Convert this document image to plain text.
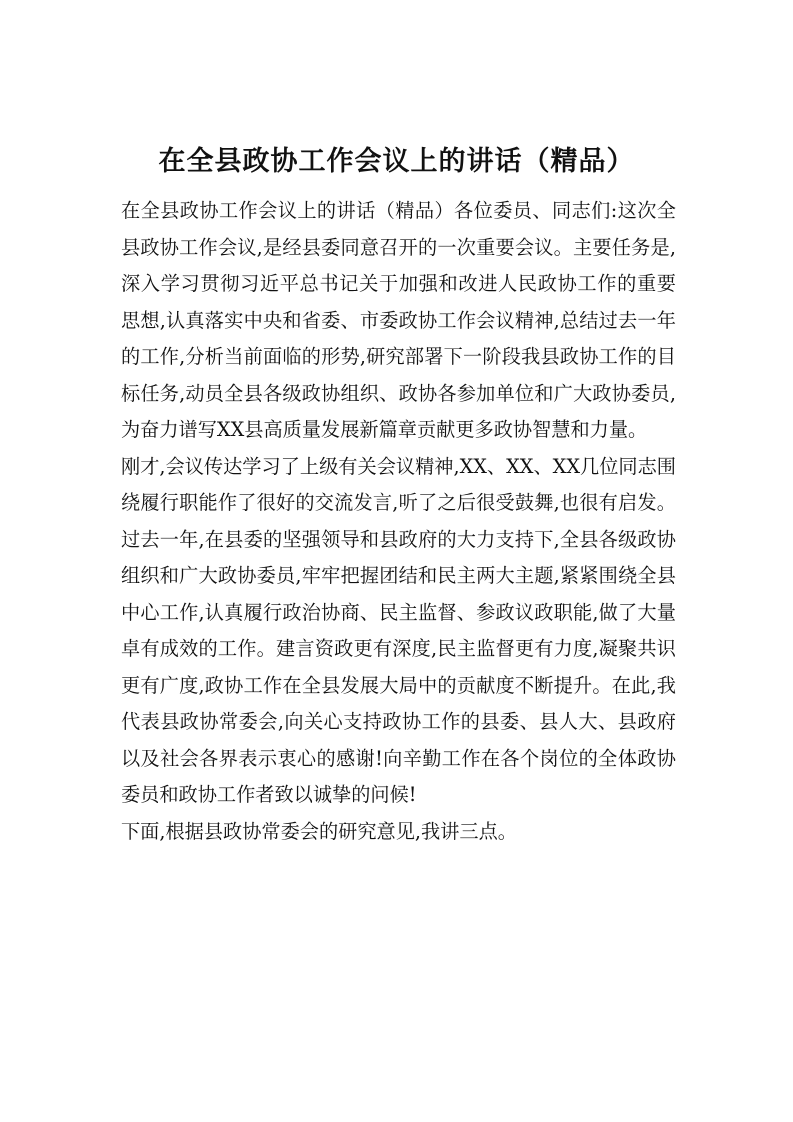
在全县政协工作会议上的讲话（精品）

在全县政协工作会议上的讲话（精品）各位委员、同志们:这次全县政协工作会议,是经县委同意召开的一次重要会议。主要任务是,深入学习贯彻习近平总书记关于加强和改进人民政协工作的重要思想,认真落实中央和省委、市委政协工作会议精神,总结过去一年的工作,分析当前面临的形势,研究部署下一阶段我县政协工作的目标任务,动员全县各级政协组织、政协各参加单位和广大政协委员,为奋力谱写XX县高质量发展新篇章贡献更多政协智慧和力量。

刚才,会议传达学习了上级有关会议精神,XX、XX、XX几位同志围绕履行职能作了很好的交流发言,听了之后很受鼓舞,也很有启发。过去一年,在县委的坚强领导和县政府的大力支持下,全县各级政协组织和广大政协委员,牢牢把握团结和民主两大主题,紧紧围绕全县中心工作,认真履行政治协商、民主监督、参政议政职能,做了大量卓有成效的工作。建言资政更有深度,民主监督更有力度,凝聚共识更有广度,政协工作在全县发展大局中的贡献度不断提升。在此,我代表县政协常委会,向关心支持政协工作的县委、县人大、县政府以及社会各界表示衷心的感谢!向辛勤工作在各个岗位的全体政协委员和政协工作者致以诚挚的问候!

下面,根据县政协常委会的研究意见,我讲三点。
